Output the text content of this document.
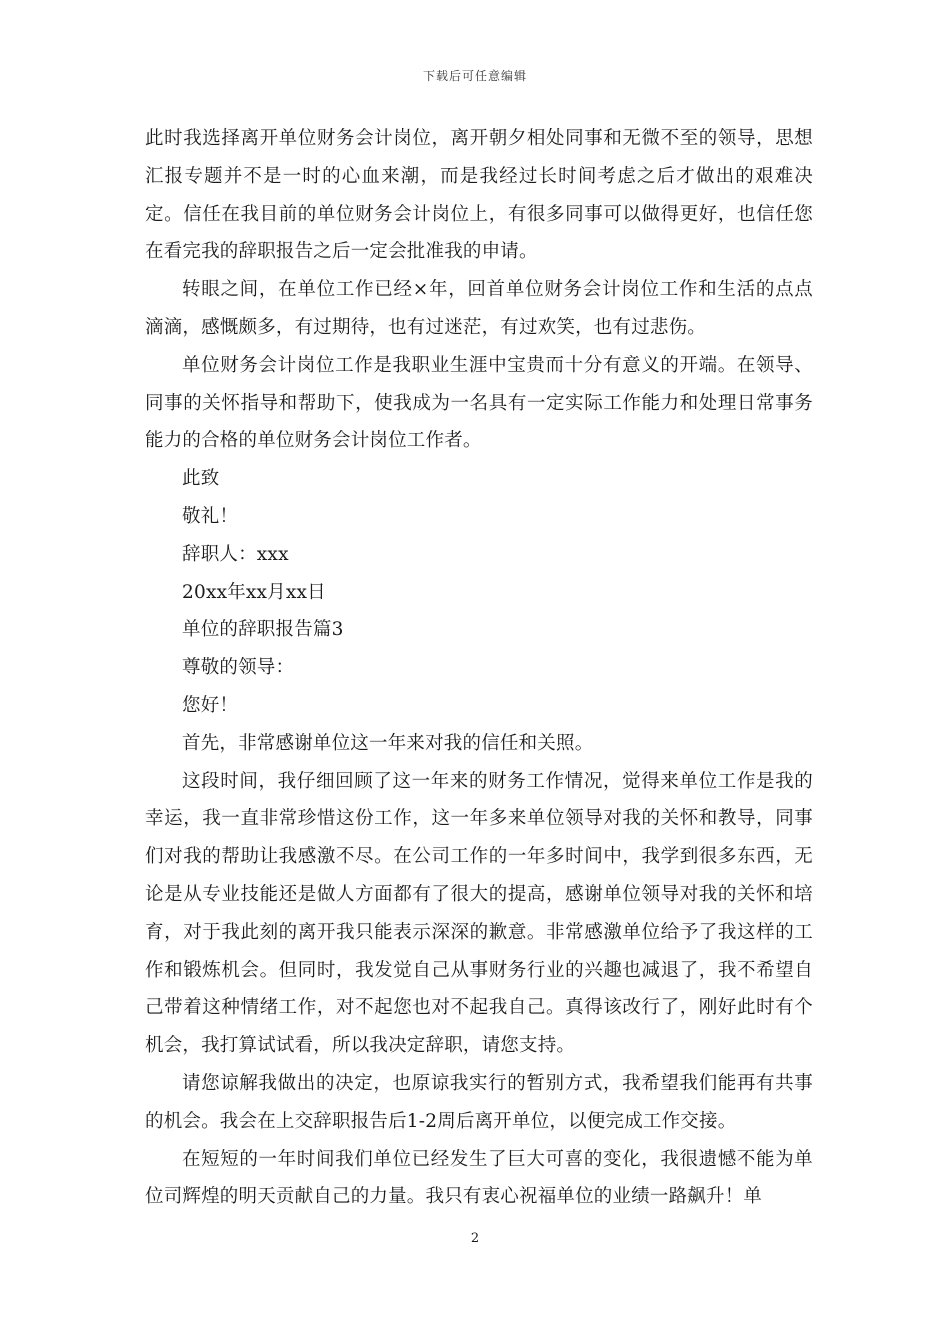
下载后可任意编辑

此时我选择离开单位财务会计岗位，离开朝夕相处同事和无微不至的领导，思想汇报专题并不是一时的心血来潮，而是我经过长时间考虑之后才做出的艰难决定。信任在我目前的单位财务会计岗位上，有很多同事可以做得更好，也信任您在看完我的辞职报告之后一定会批准我的申请。

转眼之间，在单位工作已经×年，回首单位财务会计岗位工作和生活的点点滴滴，感慨颇多，有过期待，也有过迷茫，有过欢笑，也有过悲伤。

单位财务会计岗位工作是我职业生涯中宝贵而十分有意义的开端。在领导、同事的关怀指导和帮助下，使我成为一名具有一定实际工作能力和处理日常事务能力的合格的单位财务会计岗位工作者。

此致

敬礼！

辞职人：xxx

20xx年xx月xx日

单位的辞职报告篇3

尊敬的领导：

您好！

首先，非常感谢单位这一年来对我的信任和关照。

这段时间，我仔细回顾了这一年来的财务工作情况，觉得来单位工作是我的幸运，我一直非常珍惜这份工作，这一年多来单位领导对我的关怀和教导，同事们对我的帮助让我感激不尽。在公司工作的一年多时间中，我学到很多东西，无论是从专业技能还是做人方面都有了很大的提高，感谢单位领导对我的关怀和培育，对于我此刻的离开我只能表示深深的歉意。非常感激单位给予了我这样的工作和锻炼机会。但同时，我发觉自己从事财务行业的兴趣也减退了，我不希望自己带着这种情绪工作，对不起您也对不起我自己。真得该改行了，刚好此时有个机会，我打算试试看，所以我决定辞职，请您支持。

请您谅解我做出的决定，也原谅我实行的暂别方式，我希望我们能再有共事的机会。我会在上交辞职报告后1-2周后离开单位，以便完成工作交接。

在短短的一年时间我们单位已经发生了巨大可喜的变化，我很遗憾不能为单位司辉煌的明天贡献自己的力量。我只有衷心祝福单位的业绩一路飙升！单

2
